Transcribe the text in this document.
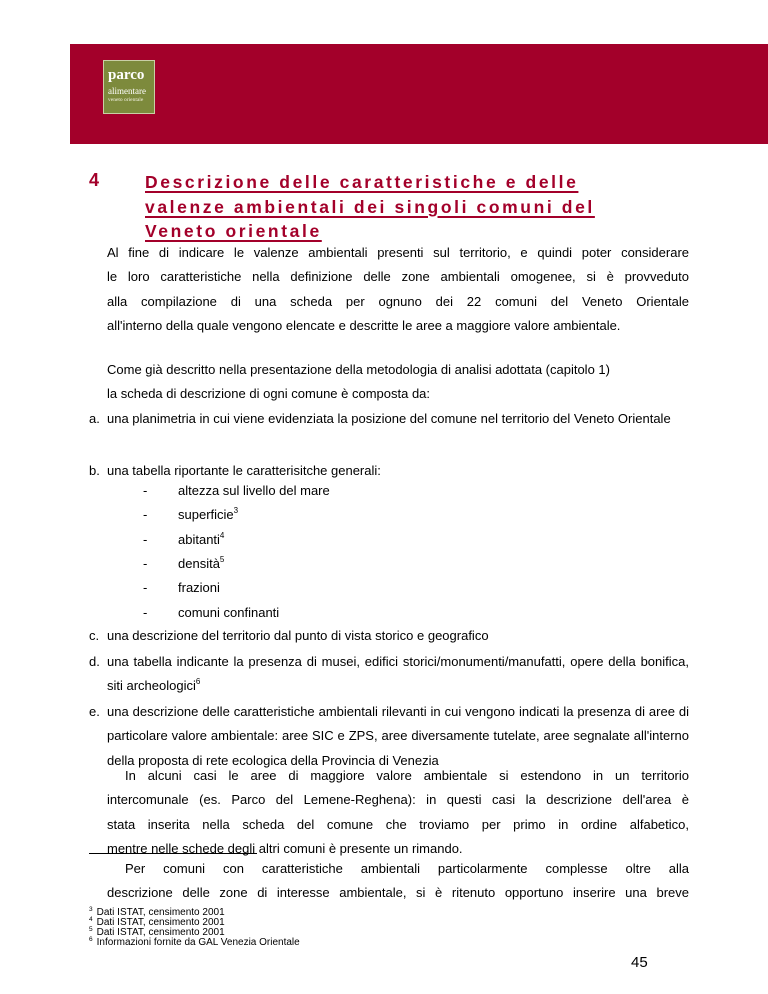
parco
alimentare
veneto orientale
4	Descrizione delle caratteristiche e delle
valenze ambientali dei singoli comuni del
Veneto orientale
Al fine di indicare le valenze ambientali presenti sul territorio, e quindi poter considerare
le loro caratteristiche nella definizione delle zone ambientali omogenee, si è provveduto
alla compilazione di una scheda per ognuno dei 22 comuni del Veneto Orientale
all'interno della quale vengono elencate e descritte le aree a maggiore valore ambientale.
Come già descritto nella presentazione della metodologia di analisi adottata (capitolo 1)
la scheda di descrizione di ogni comune è composta da:
a. una planimetria in cui viene evidenziata la posizione del comune nel territorio del Veneto Orientale
b. una tabella riportante le caratterisitche generali:
- altezza sul livello del mare
- superficie$^3$
- abitanti$^4$
- densità$^5$
- frazioni
- comuni confinanti
c. una descrizione del territorio dal punto di vista storico e geografico
d. una tabella indicante la presenza di musei, edifici storici/monumenti/manufatti, opere della bonifica, siti archeologici$^6$
e. una descrizione delle caratteristiche ambientali rilevanti in cui vengono indicati la presenza di aree di particolare valore ambientale: aree SIC e ZPS, aree diversamente tutelate, aree segnalate all'interno della proposta di rete ecologica della Provincia di Venezia
In alcuni casi le aree di maggiore valore ambientale si estendono in un territorio
intercomunale (es. Parco del Lemene-Reghena): in questi casi la descrizione dell'area è
stata inserita nella scheda del comune che troviamo per primo in ordine alfabetico,
mentre nelle schede degli altri comuni è presente un rimando.
Per comuni con caratteristiche ambientali particolarmente complesse oltre alla
descrizione delle zone di interesse ambientale, si è ritenuto opportuno inserire una breve
$^3$ Dati ISTAT, censimento 2001
$^4$ Dati ISTAT, censimento 2001
$^5$ Dati ISTAT, censimento 2001
$^6$ Informazioni fornite da GAL Venezia Orientale
45
